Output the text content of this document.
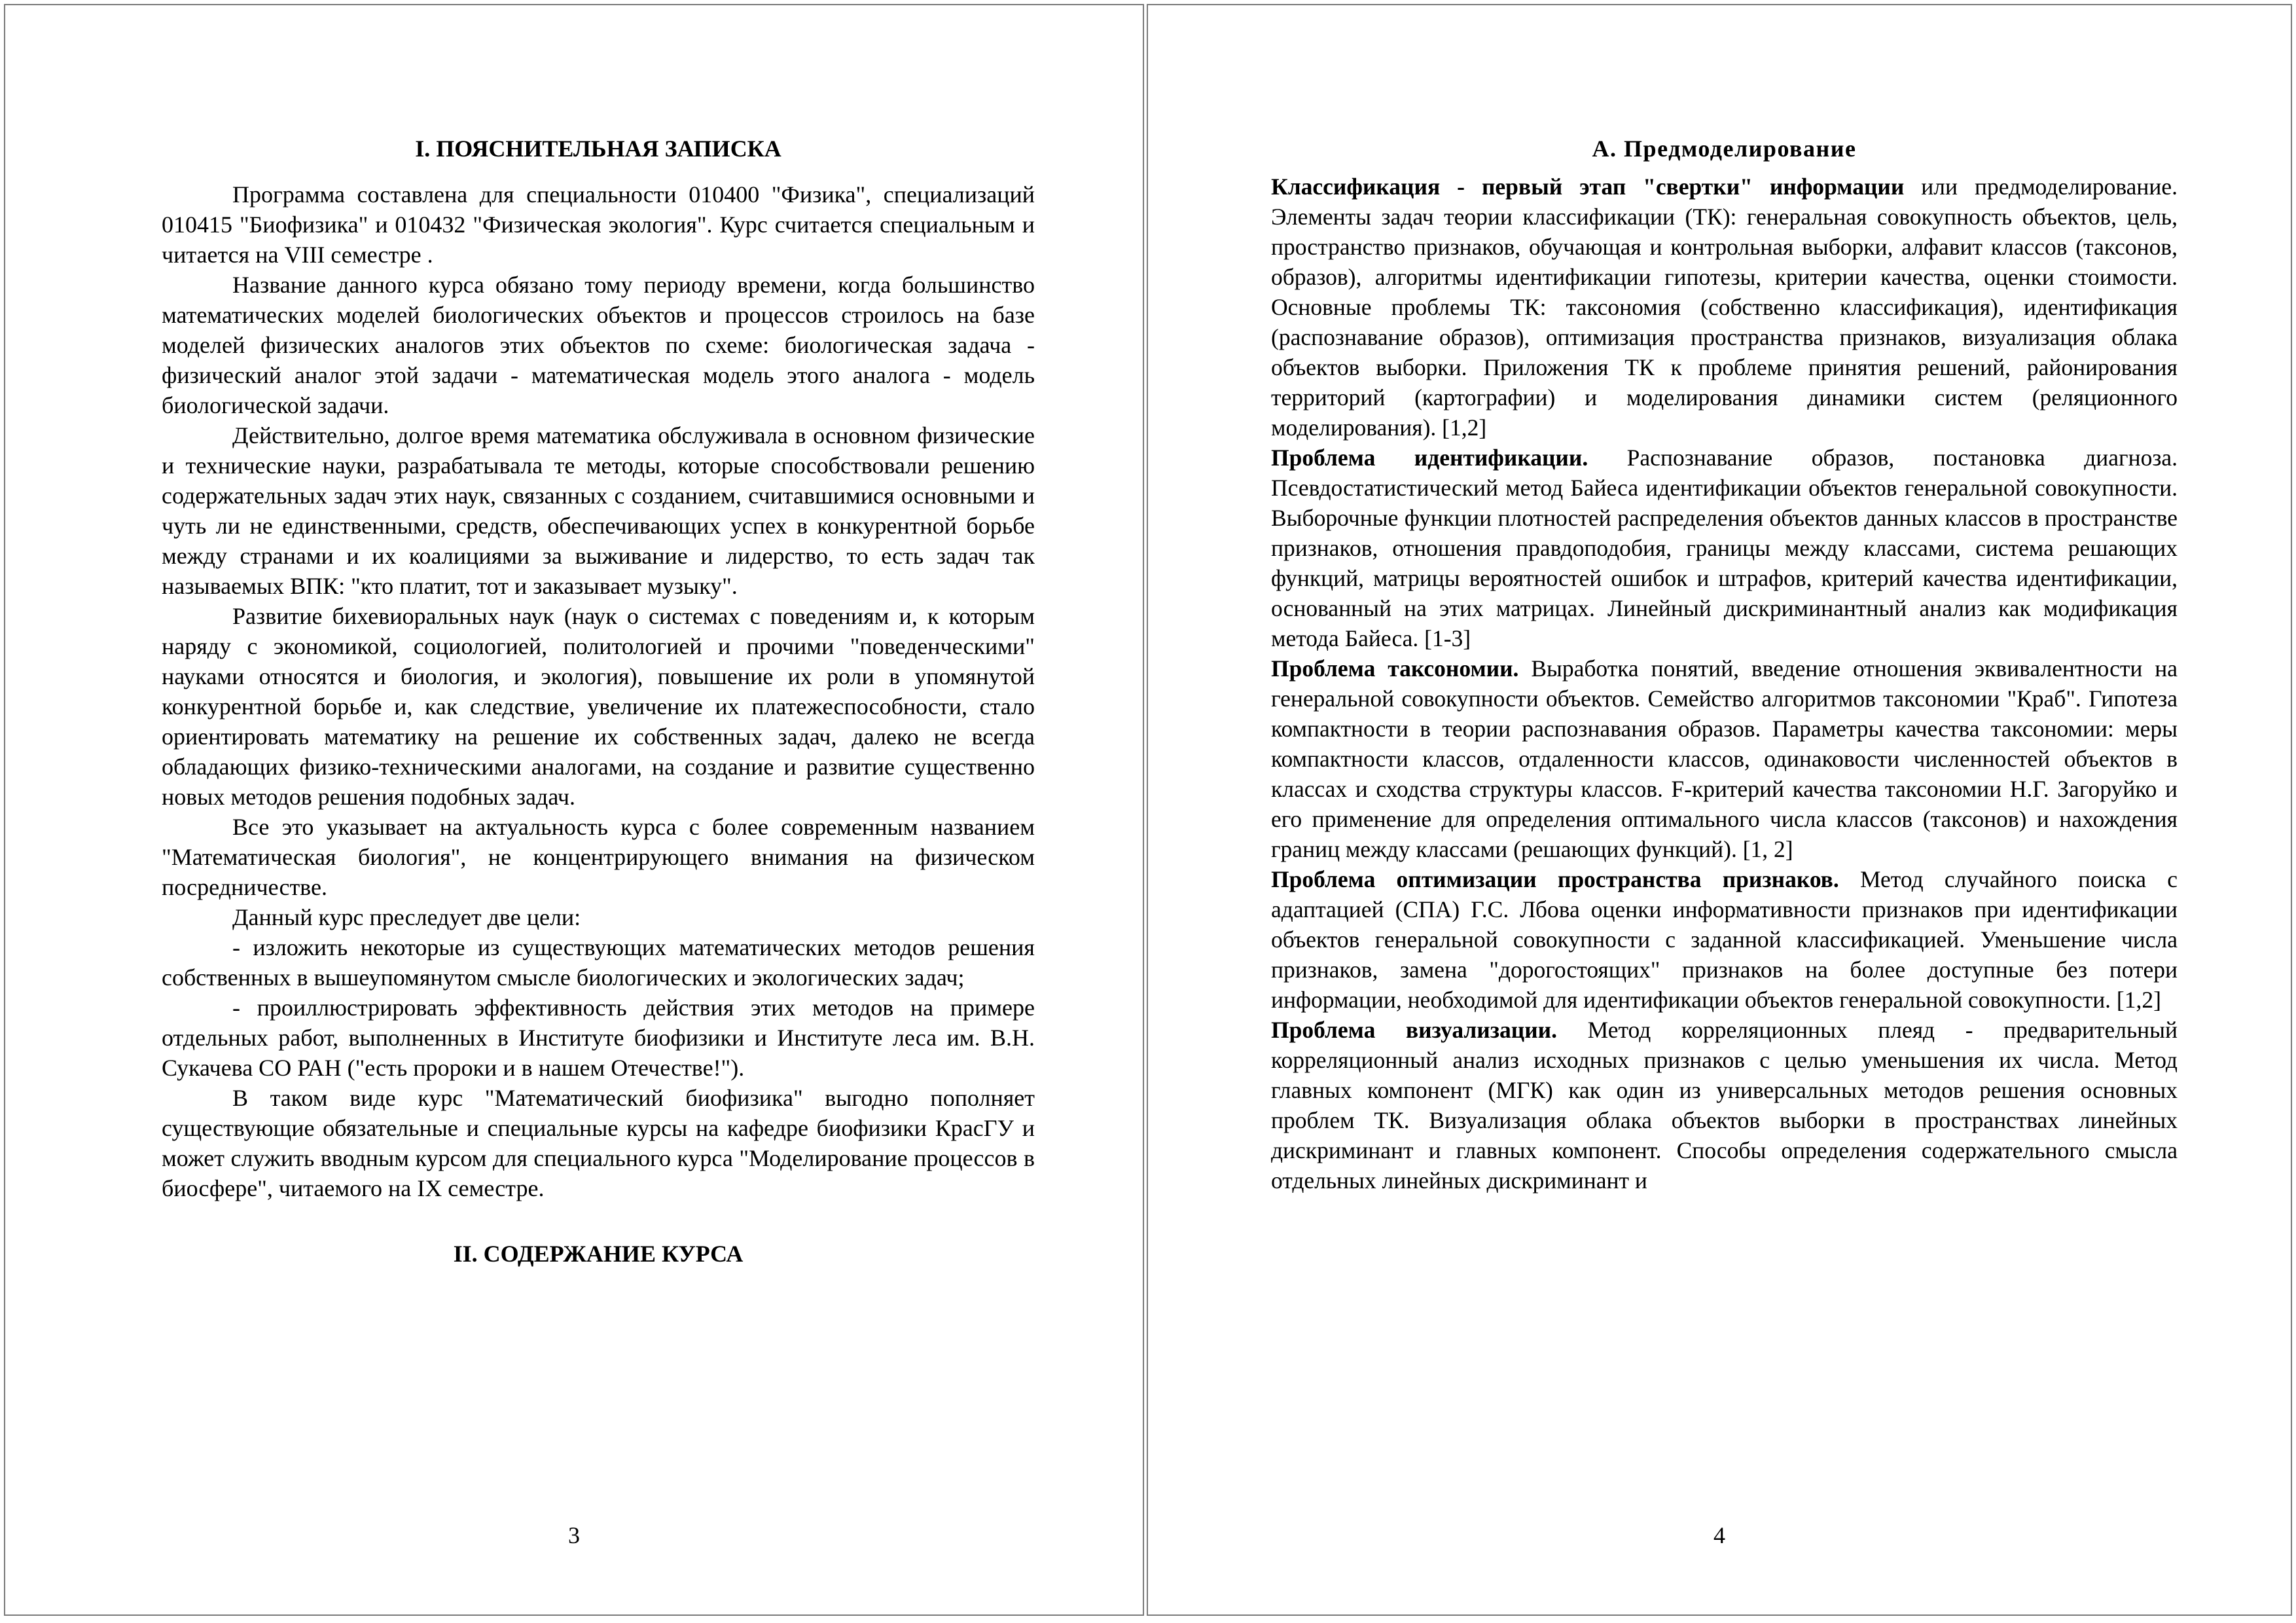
I. ПОЯСНИТЕЛЬНАЯ ЗАПИСКА

Программа составлена для специальности 010400 "Физика", специализаций 010415 "Биофизика" и 010432 "Физическая экология". Курс считается специальным и читается на VIII семестре .

Название данного курса обязано тому периоду времени, когда большинство математических моделей биологических объектов и процессов строилось на базе моделей физических аналогов этих объектов по схеме: биологическая задача - физический аналог этой задачи - математическая модель этого аналога - модель биологической задачи.

Действительно, долгое время математика обслуживала в основном физические и технические науки, разрабатывала те методы, которые способствовали решению содержательных задач этих наук, связанных с созданием, считавшимися основными и чуть ли не единственными, средств, обеспечивающих успех в конкурентной борьбе между странами и их коалициями за выживание и лидерство, то есть задач так называемых ВПК: "кто платит, тот и заказывает музыку".

Развитие бихевиоральных наук (наук о системах с поведениям и, к которым наряду с экономикой, социологией, политологией и прочими "поведенческими" науками относятся и биология, и экология), повышение их роли в упомянутой конкурентной борьбе и, как следствие, увеличение их платежеспособности, стало ориентировать математику на решение их собственных задач, далеко не всегда обладающих физико-техническими аналогами, на создание и развитие существенно новых методов решения подобных задач.

Все это указывает на актуальность курса с более современным названием "Математическая биология", не концентрирующего внимания на физическом посредничестве.

Данный курс преследует две цели:

- изложить некоторые из существующих математических методов решения собственных в вышеупомянутом смысле биологических и экологических задач;

- проиллюстрировать эффективность действия этих методов на примере отдельных работ, выполненных в Институте биофизики и Институте леса им. В.Н. Сукачева СО РАН ("есть пророки и в нашем Отечестве!").

В таком виде курс "Математический биофизика" выгодно пополняет существующие обязательные и специальные курсы на кафедре биофизики КрасГУ и может служить вводным курсом для специального курса "Моделирование процессов в биосфере", читаемого на IX семестре.

II. СОДЕРЖАНИЕ КУРСА
3
А. Предмоделирование

Классификация - первый этап "свертки" информации или предмоделирование. Элементы задач теории классификации (ТК): генеральная совокупность объектов, цель, пространство признаков, обучающая и контрольная выборки, алфавит классов (таксонов, образов), алгоритмы идентификации гипотезы, критерии качества, оценки стоимости. Основные проблемы ТК: таксономия (собственно классификация), идентификация (распознавание образов), оптимизация пространства признаков, визуализация облака объектов выборки. Приложения ТК к проблеме принятия решений, районирования территорий (картографии) и моделирования динамики систем (реляционного моделирования). [1,2]

Проблема идентификации. Распознавание образов, постановка диагноза. Псевдостатистический метод Байеса идентификации объектов генеральной совокупности. Выборочные функции плотностей распределения объектов данных классов в пространстве признаков, отношения правдоподобия, границы между классами, система решающих функций, матрицы вероятностей ошибок и штрафов, критерий качества идентификации, основанный на этих матрицах. Линейный дискриминантный анализ как модификация метода Байеса. [1-3]

Проблема таксономии. Выработка понятий, введение отношения эквивалентности на генеральной совокупности объектов. Семейство алгоритмов таксономии "Краб". Гипотеза компактности в теории распознавания образов. Параметры качества таксономии: меры компактности классов, отдаленности классов, одинаковости численностей объектов в классах и сходства структуры классов. F-критерий качества таксономии Н.Г. Загоруйко и его применение для определения оптимального числа классов (таксонов) и нахождения границ между классами (решающих функций). [1, 2]

Проблема оптимизации пространства признаков. Метод случайного поиска с адаптацией (СПА) Г.С. Лбова оценки информативности признаков при идентификации объектов генеральной совокупности с заданной классификацией. Уменьшение числа признаков, замена "дорогостоящих" признаков на более доступные без потери информации, необходимой для идентификации объектов генеральной совокупности. [1,2]

Проблема визуализации. Метод корреляционных плеяд - предварительный корреляционный анализ исходных признаков с целью уменьшения их числа. Метод главных компонент (МГК) как один из универсальных методов решения основных проблем ТК. Визуализация облака объектов выборки в пространствах линейных дискриминант и главных компонент. Способы определения содержательного смысла отдельных линейных дискриминант и

4
